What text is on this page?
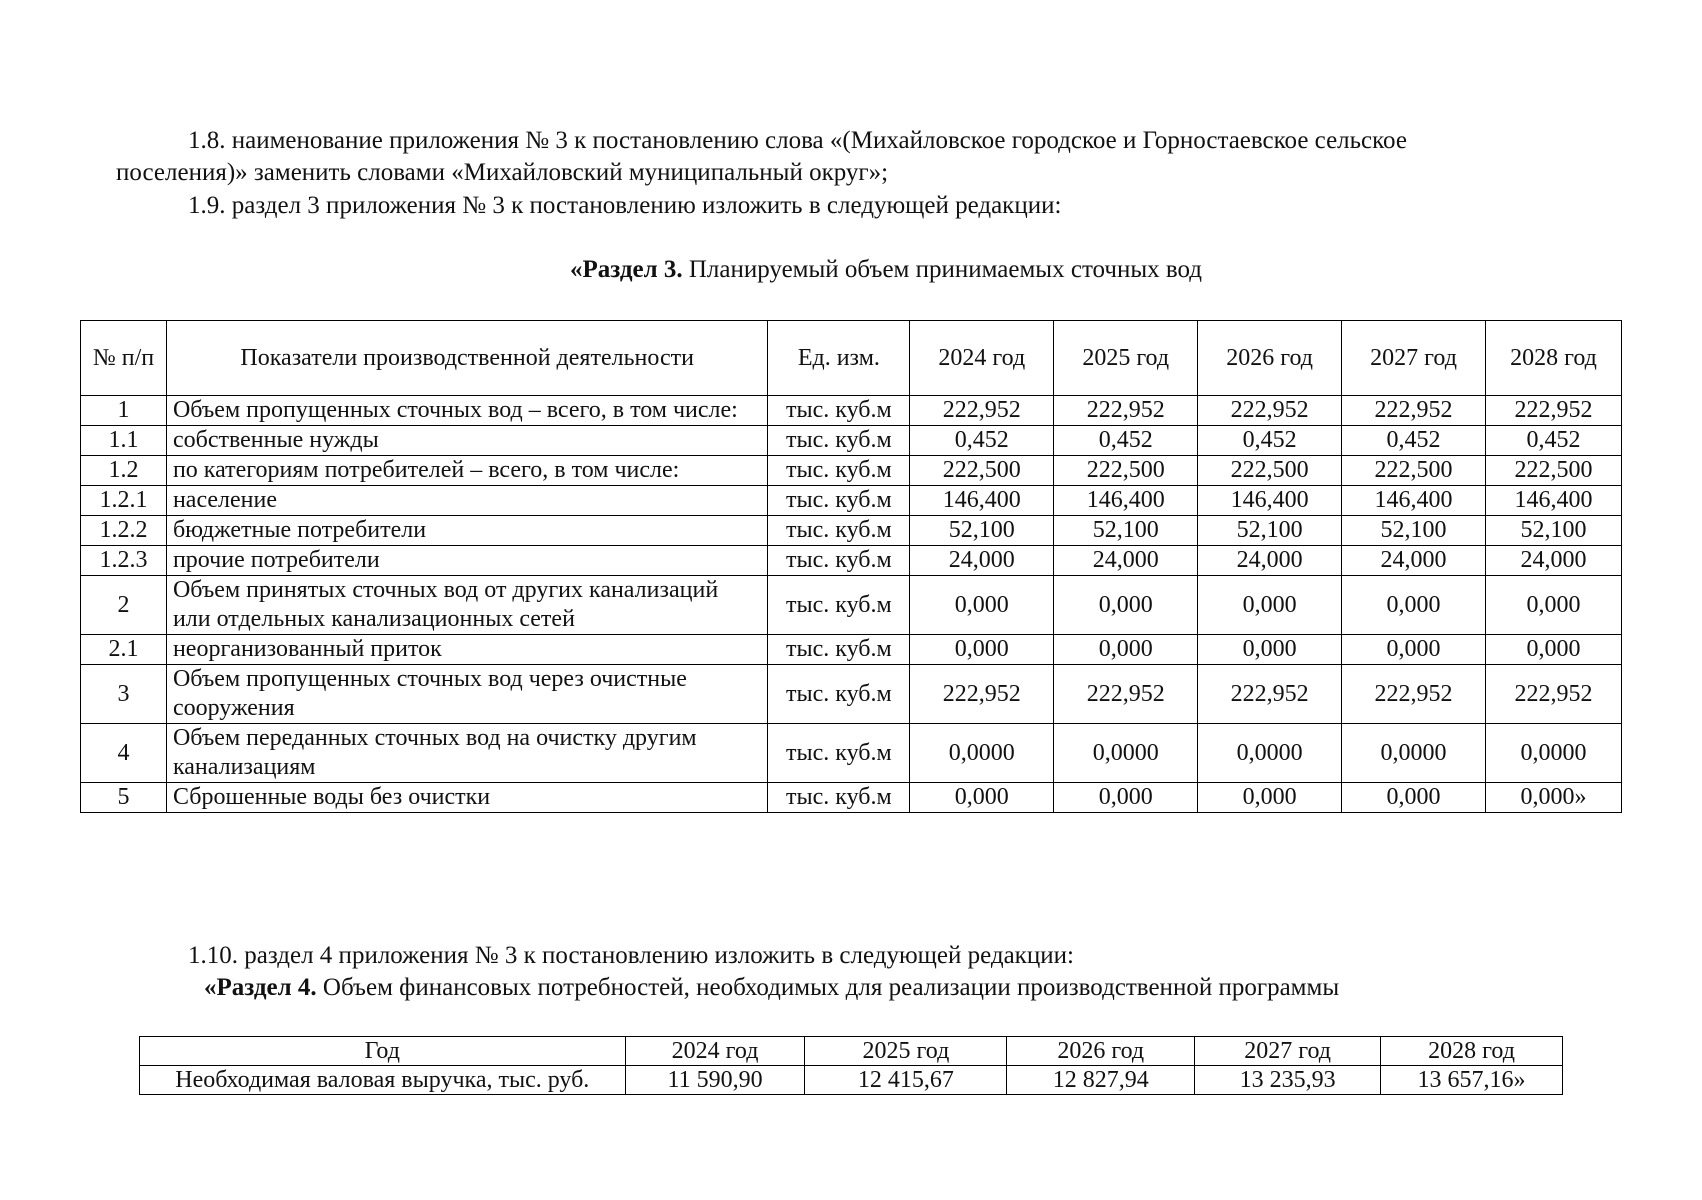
1.8. наименование приложения № 3 к постановлению слова «(Михайловское городское и Горностаевское сельское
поселения)» заменить словами «Михайловский муниципальный округ»;

1.9. раздел 3 приложения № 3 к постановлению изложить в следующей редакции:

«Раздел 3. Планируемый объем принимаемых сточных вод

№ п/п	Показатели производственной деятельности	Ед. изм.	2024 год	2025 год	2026 год	2027 год	2028 год
1	Объем пропущенных сточных вод – всего, в том числе:	тыс. куб.м	222,952	222,952	222,952	222,952	222,952
1.1	собственные нужды	тыс. куб.м	0,452	0,452	0,452	0,452	0,452
1.2	по категориям потребителей – всего, в том числе:	тыс. куб.м	222,500	222,500	222,500	222,500	222,500
1.2.1	население	тыс. куб.м	146,400	146,400	146,400	146,400	146,400
1.2.2	бюджетные потребители	тыс. куб.м	52,100	52,100	52,100	52,100	52,100
1.2.3	прочие потребители	тыс. куб.м	24,000	24,000	24,000	24,000	24,000
2	Объем принятых сточных вод от других канализаций или отдельных канализационных сетей	тыс. куб.м	0,000	0,000	0,000	0,000	0,000
2.1	неорганизованный приток	тыс. куб.м	0,000	0,000	0,000	0,000	0,000
3	Объем пропущенных сточных вод через очистные сооружения	тыс. куб.м	222,952	222,952	222,952	222,952	222,952
4	Объем переданных сточных вод на очистку другим канализациям	тыс. куб.м	0,0000	0,0000	0,0000	0,0000	0,0000
5	Сброшенные воды без очистки	тыс. куб.м	0,000	0,000	0,000	0,000	0,000»

1.10. раздел 4 приложения № 3 к постановлению изложить в следующей редакции:

«Раздел 4. Объем финансовых потребностей, необходимых для реализации производственной программы

Год	2024 год	2025 год	2026 год	2027 год	2028 год
Необходимая валовая выручка, тыс. руб.	11 590,90	12 415,67	12 827,94	13 235,93	13 657,16»
